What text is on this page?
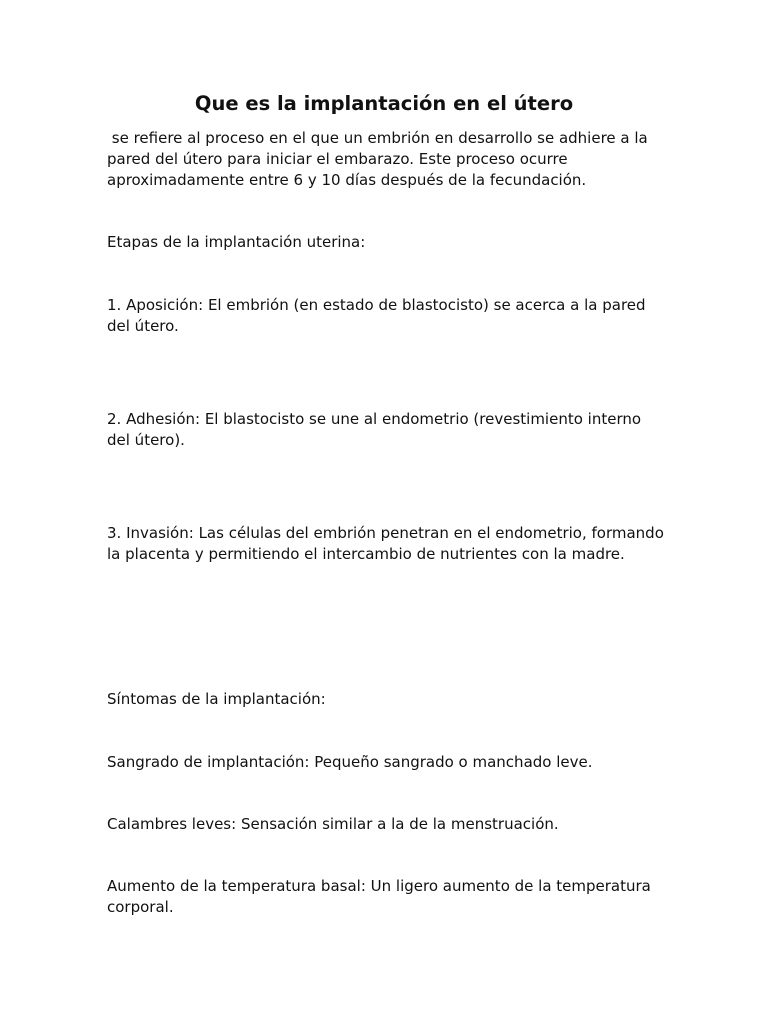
Que es la implantación en el útero

se refiere al proceso en el que un embrión en desarrollo se adhiere a la pared del útero para iniciar el embarazo. Este proceso ocurre aproximadamente entre 6 y 10 días después de la fecundación.

Etapas de la implantación uterina:

1. Aposición: El embrión (en estado de blastocisto) se acerca a la pared del útero.

2. Adhesión: El blastocisto se une al endometrio (revestimiento interno del útero).

3. Invasión: Las células del embrión penetran en el endometrio, formando la placenta y permitiendo el intercambio de nutrientes con la madre.

Síntomas de la implantación:

Sangrado de implantación: Pequeño sangrado o manchado leve.

Calambres leves: Sensación similar a la de la menstruación.

Aumento de la temperatura basal: Un ligero aumento de la temperatura corporal.
